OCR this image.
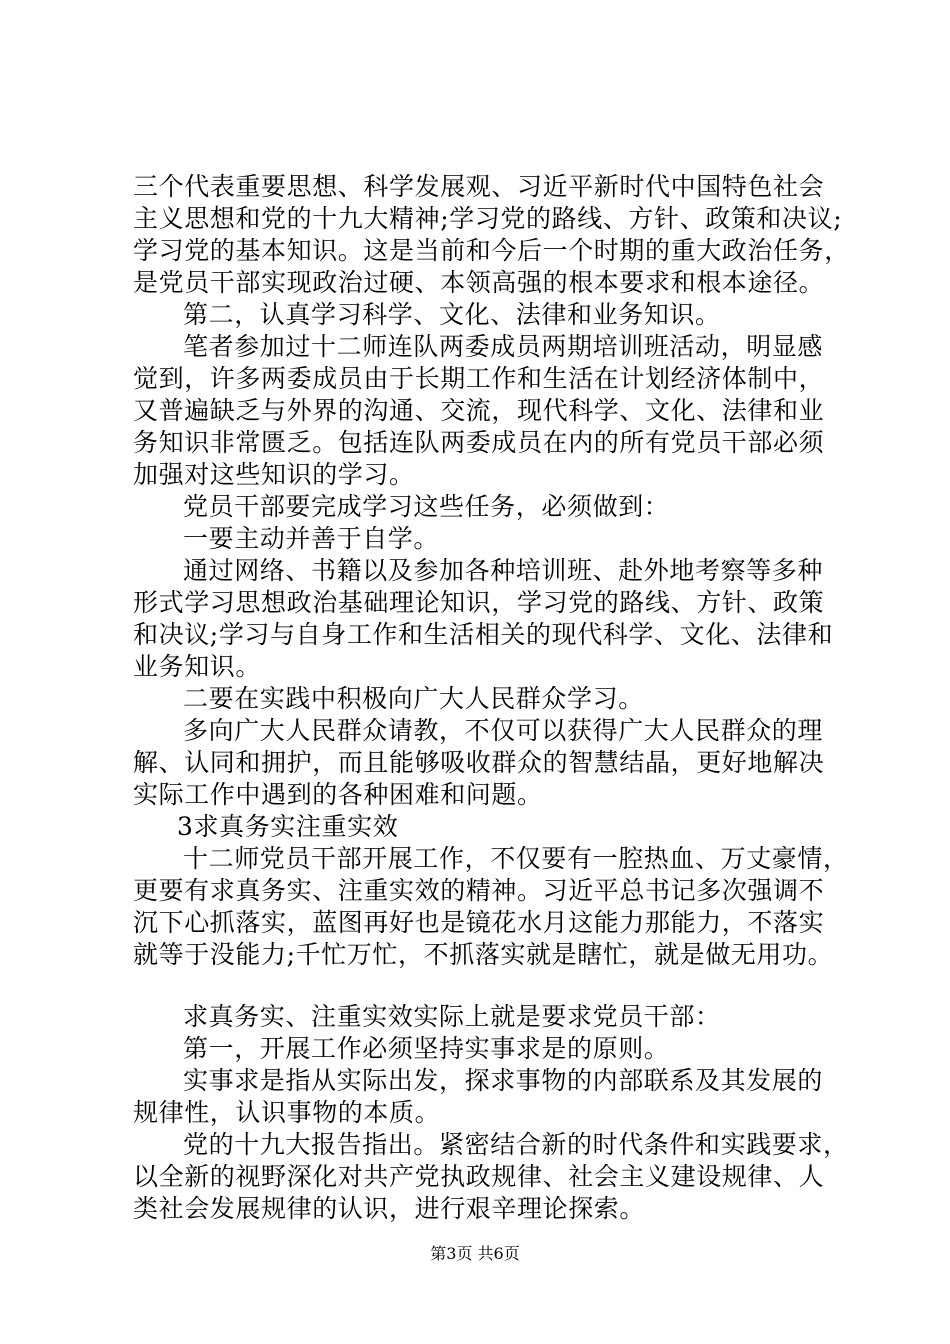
三个代表重要思想、科学发展观、习近平新时代中国特色社会
主义思想和党的十九大精神;学习党的路线、方针、政策和决议;
学习党的基本知识。这是当前和今后一个时期的重大政治任务，
是党员干部实现政治过硬、本领高强的根本要求和根本途径。
第二，认真学习科学、文化、法律和业务知识。
笔者参加过十二师连队两委成员两期培训班活动，明显感
觉到，许多两委成员由于长期工作和生活在计划经济体制中，
又普遍缺乏与外界的沟通、交流，现代科学、文化、法律和业
务知识非常匮乏。包括连队两委成员在内的所有党员干部必须
加强对这些知识的学习。
党员干部要完成学习这些任务，必须做到：
一要主动并善于自学。
通过网络、书籍以及参加各种培训班、赴外地考察等多种
形式学习思想政治基础理论知识，学习党的路线、方针、政策
和决议;学习与自身工作和生活相关的现代科学、文化、法律和
业务知识。
二要在实践中积极向广大人民群众学习。
多向广大人民群众请教，不仅可以获得广大人民群众的理
解、认同和拥护，而且能够吸收群众的智慧结晶，更好地解决
实际工作中遇到的各种困难和问题。
3求真务实注重实效
十二师党员干部开展工作，不仅要有一腔热血、万丈豪情，
更要有求真务实、注重实效的精神。习近平总书记多次强调不
沉下心抓落实，蓝图再好也是镜花水月这能力那能力，不落实
就等于没能力;千忙万忙，不抓落实就是瞎忙，就是做无用功。
求真务实、注重实效实际上就是要求党员干部：
第一，开展工作必须坚持实事求是的原则。
实事求是指从实际出发，探求事物的内部联系及其发展的
规律性，认识事物的本质。
党的十九大报告指出。紧密结合新的时代条件和实践要求，
以全新的视野深化对共产党执政规律、社会主义建设规律、人
类社会发展规律的认识，进行艰辛理论探索。
第3页 共6页
